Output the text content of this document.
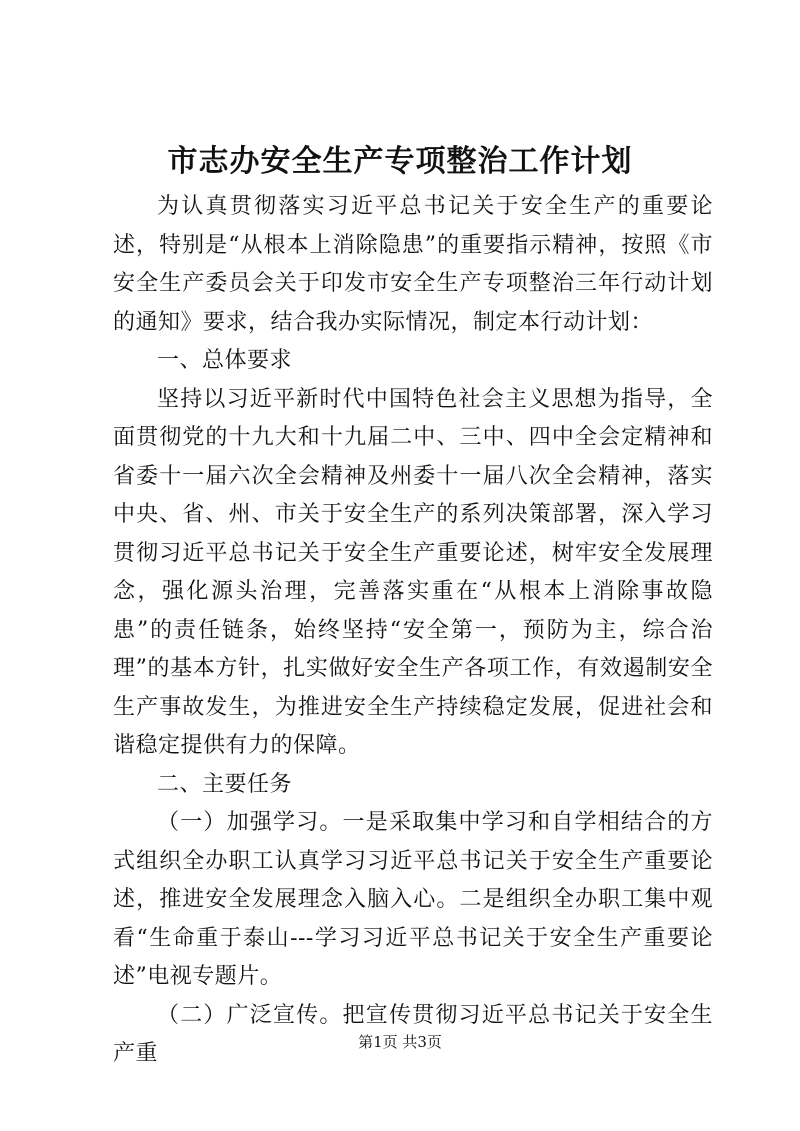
市志办安全生产专项整治工作计划

为认真贯彻落实习近平总书记关于安全生产的重要论述，特别是“从根本上消除隐患”的重要指示精神，按照《市安全生产委员会关于印发市安全生产专项整治三年行动计划的通知》要求，结合我办实际情况，制定本行动计划：

一、总体要求

坚持以习近平新时代中国特色社会主义思想为指导，全面贯彻党的十九大和十九届二中、三中、四中全会定精神和省委十一届六次全会精神及州委十一届八次全会精神，落实中央、省、州、市关于安全生产的系列决策部署，深入学习贯彻习近平总书记关于安全生产重要论述，树牢安全发展理念，强化源头治理，完善落实重在“从根本上消除事故隐患”的责任链条，始终坚持“安全第一，预防为主，综合治理”的基本方针，扎实做好安全生产各项工作，有效遏制安全生产事故发生，为推进安全生产持续稳定发展，促进社会和谐稳定提供有力的保障。

二、主要任务

（一）加强学习。一是采取集中学习和自学相结合的方式组织全办职工认真学习习近平总书记关于安全生产重要论述，推进安全发展理念入脑入心。二是组织全办职工集中观看“生命重于泰山---学习习近平总书记关于安全生产重要论述”电视专题片。

（二）广泛宣传。把宣传贯彻习近平总书记关于安全生产重	第1页 共3页
